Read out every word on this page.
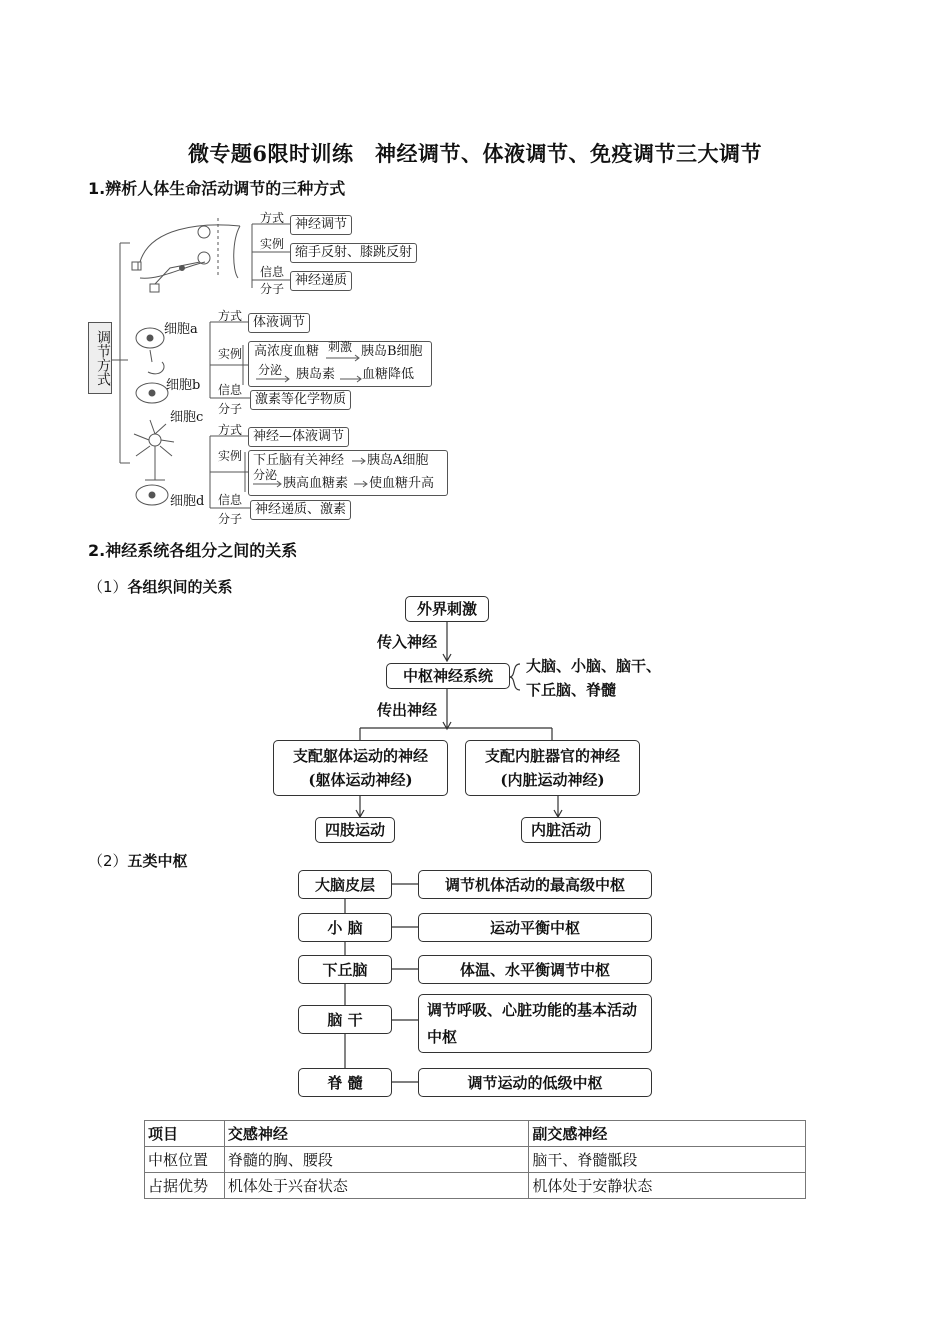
微专题6限时训练　神经调节、体液调节、免疫调节三大调节
1.辨析人体生命活动调节的三种方式
调节方式
方式 神经调节
实例
缩手反射、膝跳反射
信息
分子
神经递质
细胞a
细胞b
方式 体液调节
实例 高浓度血糖 刺激 胰岛B细胞
分泌 胰岛素 血糖降低
信息
分子
激素等化学物质
细胞c
细胞d
方式 神经—体液调节
实例 下丘脑有关神经 胰岛A细胞
分泌
胰高血糖素 使血糖升高
信息
分子
神经递质、激素
2.神经系统各组分之间的关系
（1）各组织间的关系
外界刺激
传入神经
中枢神经系统
大脑、小脑、脑干、
下丘脑、脊髓
传出神经
支配躯体运动的神经
(躯体运动神经)
支配内脏器官的神经
(内脏运动神经)
四肢运动	内脏活动
（2）五类中枢
大脑皮层	调节机体活动的最高级中枢
小 脑	运动平衡中枢
下丘脑	体温、水平衡调节中枢
脑 干
调节呼吸、心脏功能的基本活动中枢
脊 髓	调节运动的低级中枢
项目	交感神经	副交感神经
中枢位置	脊髓的胸、腰段	脑干、脊髓骶段
占据优势	机体处于兴奋状态	机体处于安静状态
